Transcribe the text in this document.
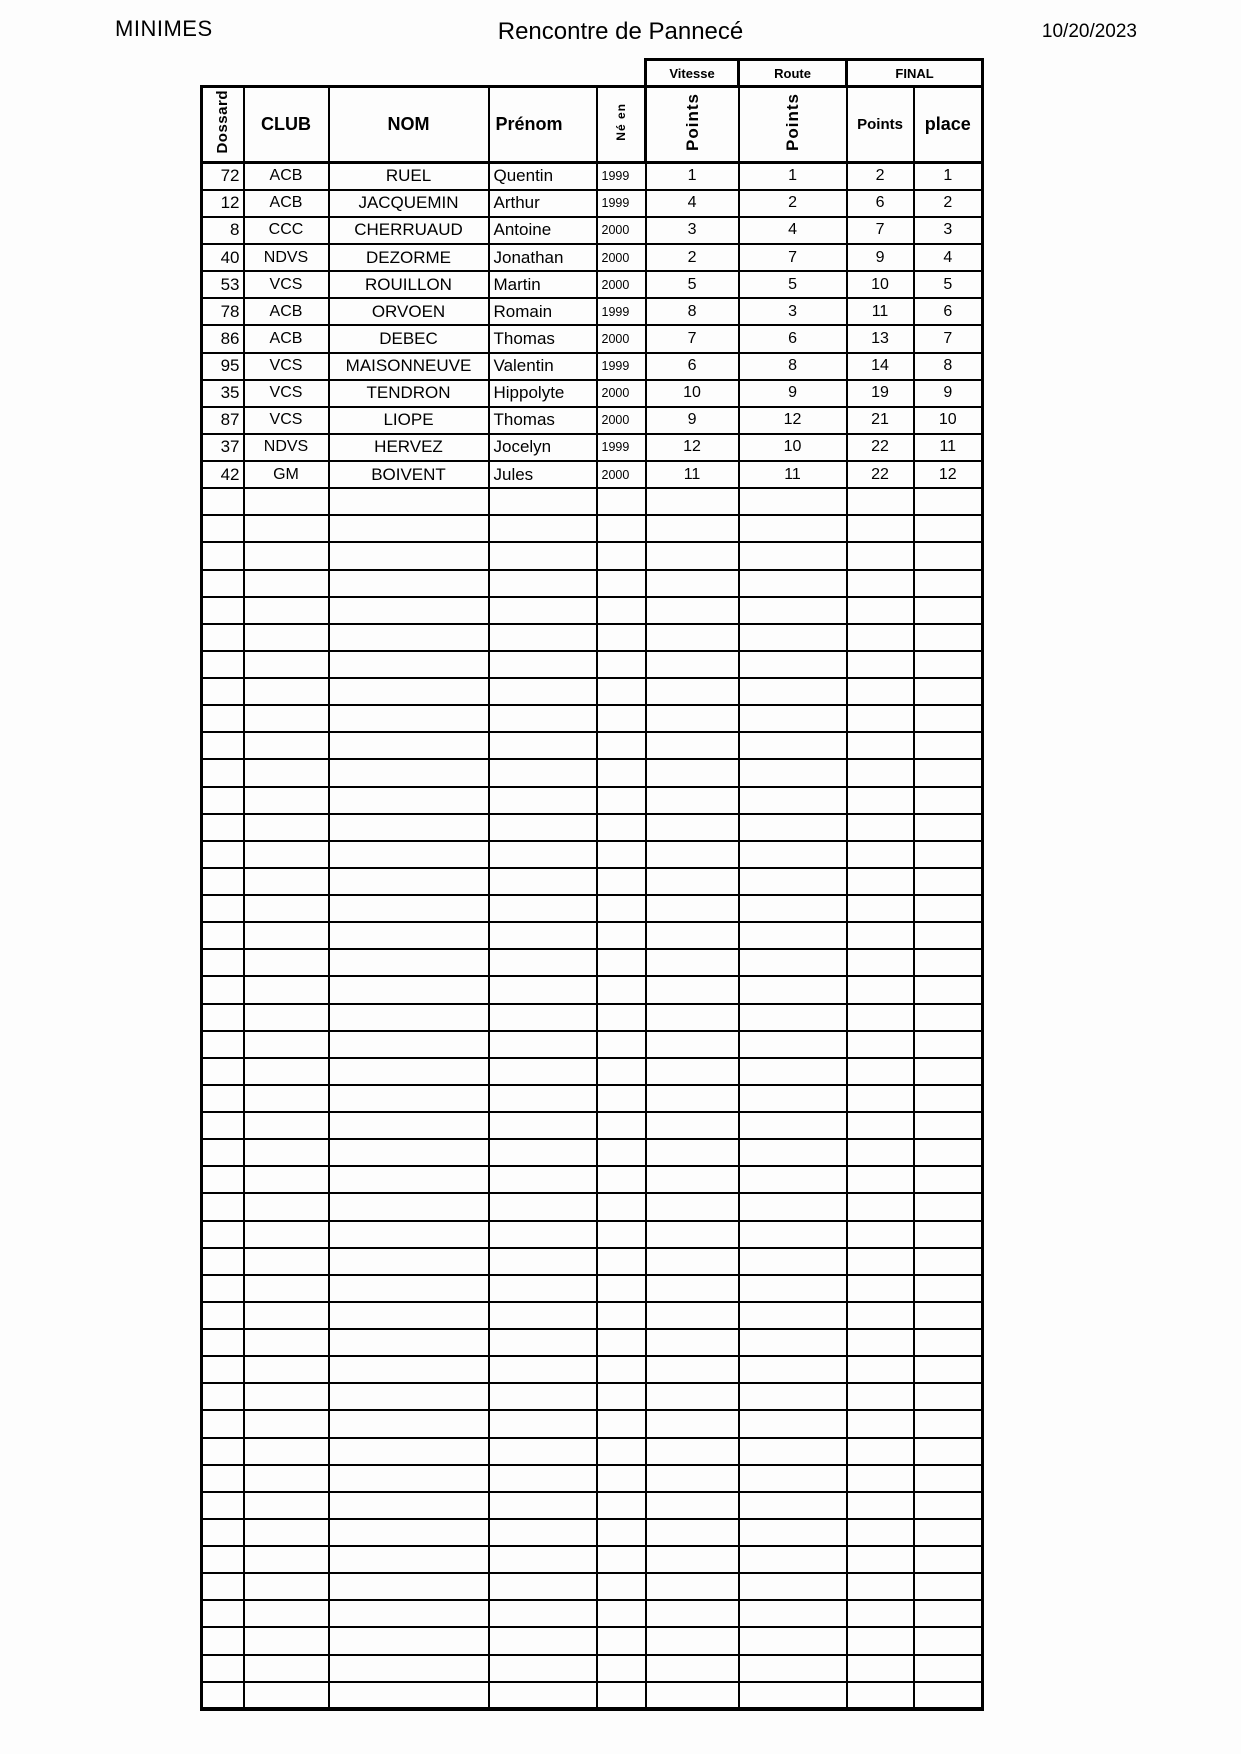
MINIMES	Rencontre de Pannecé	10/20/2023
					Vitesse	Route	FINAL	
Dossard	CLUB	NOM	Prénom	Né en	Points	Points	Points	place
72	ACB	RUEL	Quentin	1999	1	1	2	1
12	ACB	JACQUEMIN	Arthur	1999	4	2	6	2
8	CCC	CHERRUAUD	Antoine	2000	3	4	7	3
40	NDVS	DEZORME	Jonathan	2000	2	7	9	4
53	VCS	ROUILLON	Martin	2000	5	5	10	5
78	ACB	ORVOEN	Romain	1999	8	3	11	6
86	ACB	DEBEC	Thomas	2000	7	6	13	7
95	VCS	MAISONNEUVE	Valentin	1999	6	8	14	8
35	VCS	TENDRON	Hippolyte	2000	10	9	19	9
87	VCS	LIOPE	Thomas	2000	9	12	21	10
37	NDVS	HERVEZ	Jocelyn	1999	12	10	22	11
42	GM	BOIVENT	Jules	2000	11	11	22	12
